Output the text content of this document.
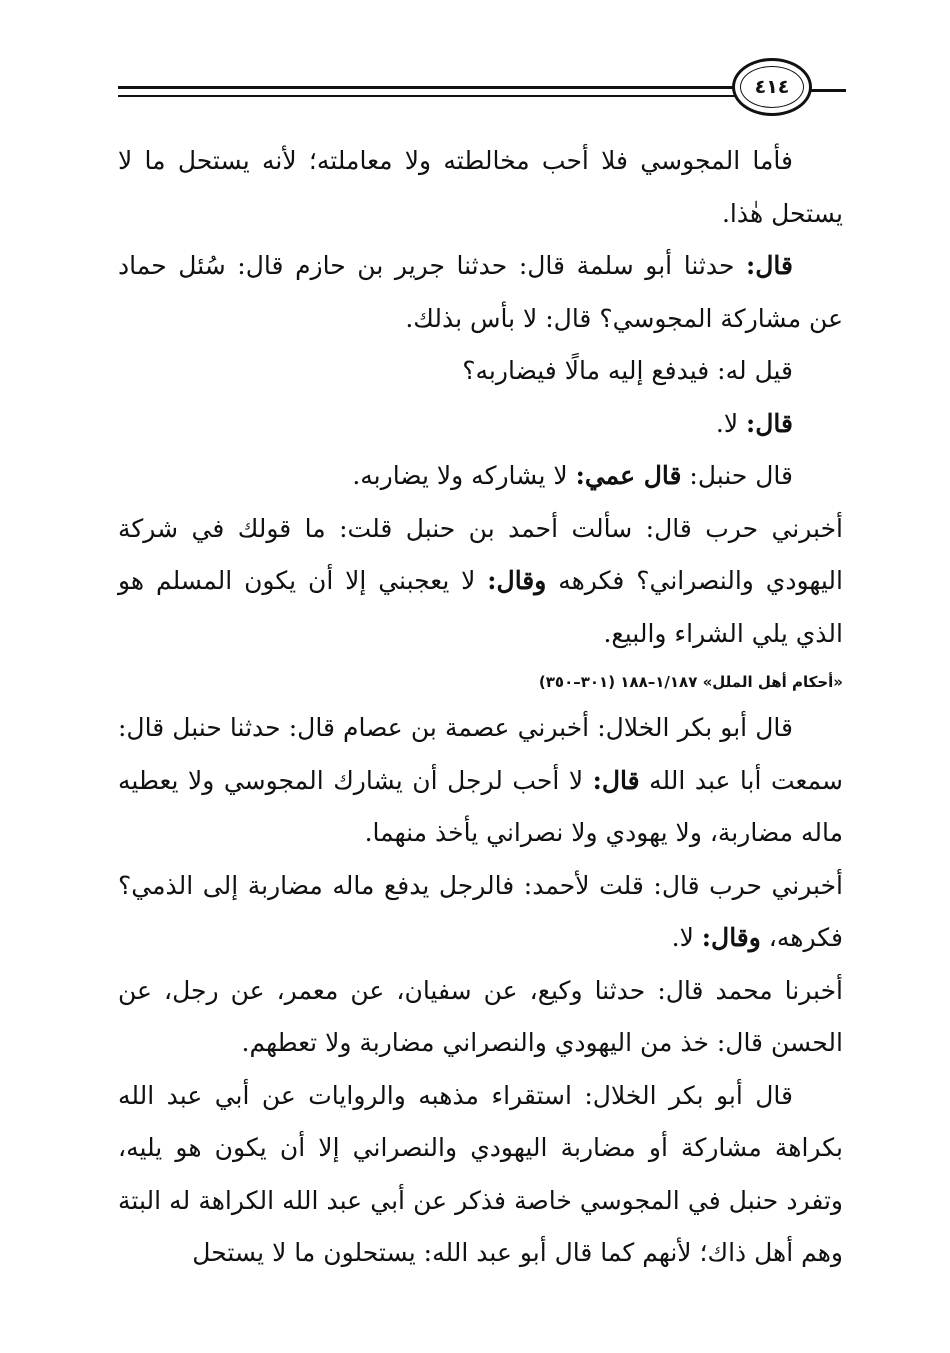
٤١٤

فأما المجوسي فلا أحب مخالطته ولا معاملته؛ لأنه يستحل ما لا يستحل هٰذا.

قال: حدثنا أبو سلمة قال: حدثنا جرير بن حازم قال: سُئل حماد عن مشاركة المجوسي؟ قال: لا بأس بذلك.

قيل له: فيدفع إليه مالًا فيضاربه؟

قال: لا.

قال حنبل: قال عمي: لا يشاركه ولا يضاربه.

أخبرني حرب قال: سألت أحمد بن حنبل قلت: ما قولك في شركة اليهودي والنصراني؟ فكرهه وقال: لا يعجبني إلا أن يكون المسلم هو الذي يلي الشراء والبيع.

«أحكام أهل الملل» ١/١٨٧–١٨٨ (٣٠١–٣٥٠)

قال أبو بكر الخلال: أخبرني عصمة بن عصام قال: حدثنا حنبل قال: سمعت أبا عبد الله قال: لا أحب لرجل أن يشارك المجوسي ولا يعطيه ماله مضاربة، ولا يهودي ولا نصراني يأخذ منهما.

أخبرني حرب قال: قلت لأحمد: فالرجل يدفع ماله مضاربة إلى الذمي؟ فكرهه، وقال: لا.

أخبرنا محمد قال: حدثنا وكيع، عن سفيان، عن معمر، عن رجل، عن الحسن قال: خذ من اليهودي والنصراني مضاربة ولا تعطهم.

قال أبو بكر الخلال: استقراء مذهبه والروايات عن أبي عبد الله بكراهة مشاركة أو مضاربة اليهودي والنصراني إلا أن يكون هو يليه، وتفرد حنبل في المجوسي خاصة فذكر عن أبي عبد الله الكراهة له البتة وهم أهل ذاك؛ لأنهم كما قال أبو عبد الله: يستحلون ما لا يستحل
